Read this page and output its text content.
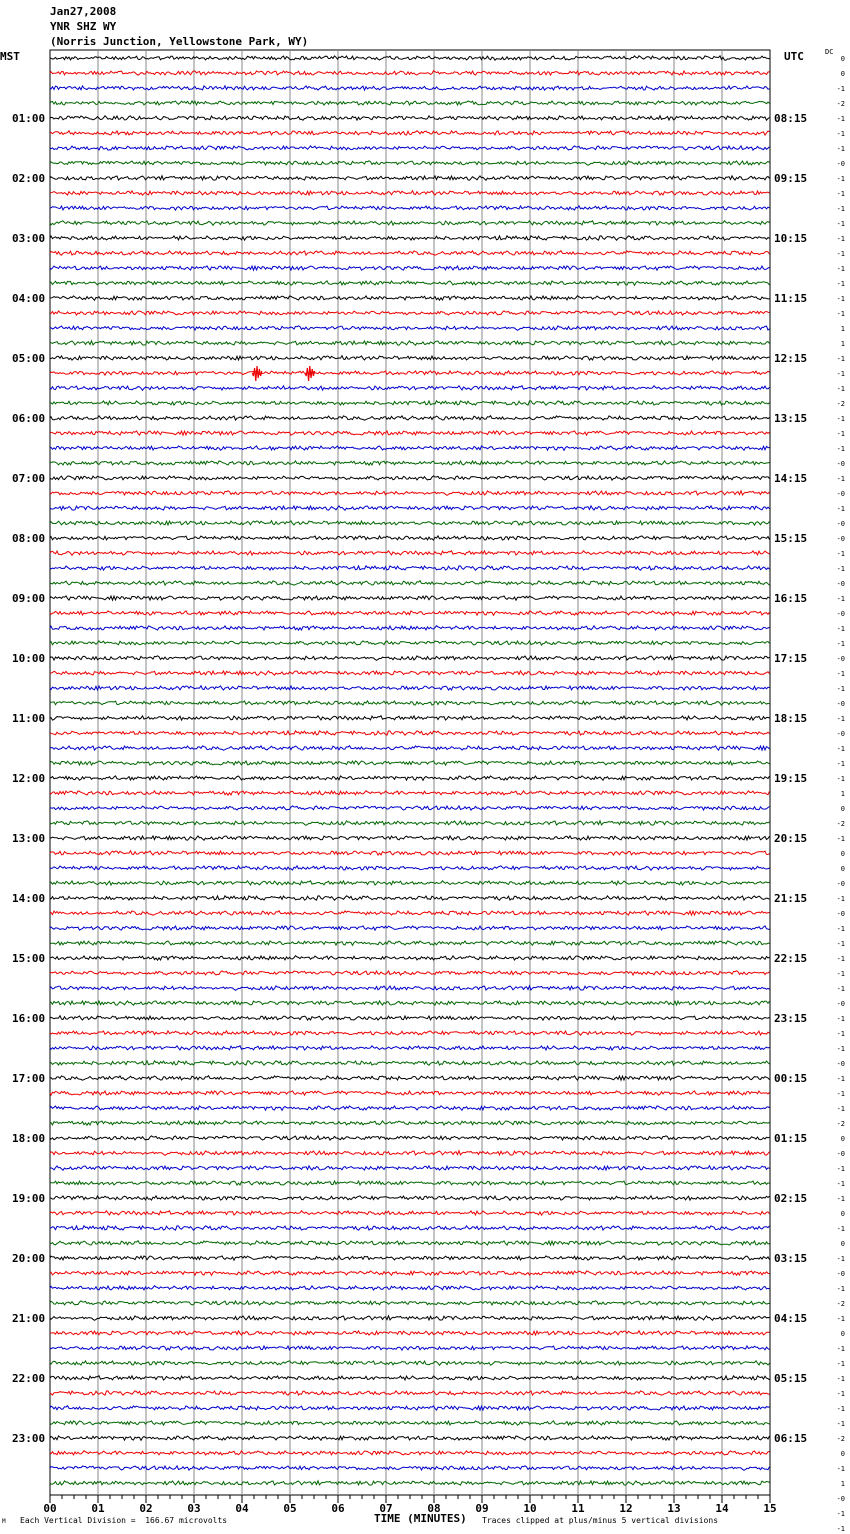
01:00
02:00
03:00
04:00
05:00
06:00
07:00
08:00
09:00
10:00
11:00
12:00
13:00
14:00
15:00
16:00
17:00
18:00
19:00
20:00
21:00
22:00
23:00
08:15
09:15
10:15
11:15
12:15
13:15
14:15
15:15
16:15
17:15
18:15
19:15
20:15
21:15
22:15
23:15
00:15
01:15
02:15
03:15
04:15
05:15
06:15
0
0
-1
-2
-1
-1
-1
-0
-1
-1
-1
-1
-1
-1
-1
-1
-1
-1
1
1
-1
-1
-1
-2
-1
-1
-1
-0
-1
-0
-1
-0
-0
-1
-1
-0
-1
-0
-1
-1
-0
-1
-1
-0
-1
-0
-1
-1
-1
1
0
-2
-1
0
0
-0
-1
-0
-1
-1
-1
-1
-1
-0
-1
-1
-1
-0
-1
-1
-1
-2
0
-0
-1
-1
-1
0
-1
0
-1
-0
-1
-2
-1
0
-1
-1
-1
-1
-1
-1
-2
0
-1
1
-0
-1
-1
00	01	02	03	04	05	06	07	08	09	10	11	12	13	14	15
Jan27,2008
YNR SHZ WY
(Norris Junction, Yellowstone Park, WY)
MST	UTC	DC
M Each Vertical Division =  166.67 microvolts	TIME (MINUTES) Traces clipped at plus/minus 5 vertical divisions
